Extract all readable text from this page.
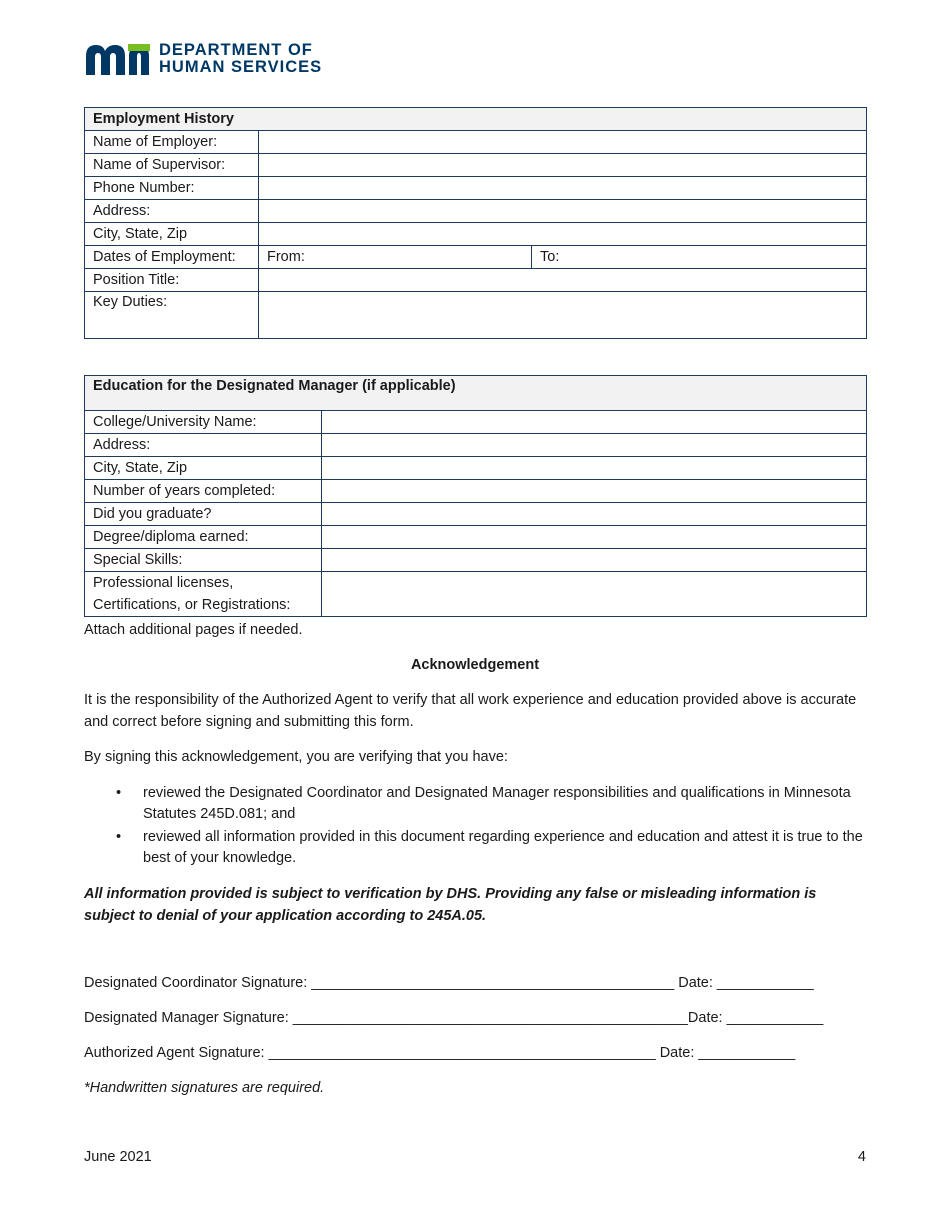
DEPARTMENT OF
HUMAN SERVICES
Employment History		
Name of Employer:		
Name of Supervisor:		
Phone Number:		
Address:		
City, State, Zip		
Dates of Employment:	From:	To:
Position Title:		
Key Duties:		
Education for the Designated Manager (if applicable)	
College/University Name:	
Address:	
City, State, Zip	
Number of years completed:	
Did you graduate?	
Degree/diploma earned:	
Special Skills:	

Professional licenses,
Certifications, or Registrations:	

Attach additional pages if needed.
Acknowledgement
It is the responsibility of the Authorized Agent to verify that all work experience and education provided above is accurate and correct before signing and submitting this form.
By signing this acknowledgement, you are verifying that you have:
• reviewed the Designated Coordinator and Designated Manager responsibilities and qualifications in Minnesota Statutes 245D.081; and
• reviewed all information provided in this document regarding experience and education and attest it is true to the best of your knowledge.
All information provided is subject to verification by DHS. Providing any false or misleading information is subject to denial of your application according to 245A.05.
Designated Coordinator Signature: _____________________________________________ Date: ____________
Designated Manager Signature: _________________________________________________Date: ____________
Authorized Agent Signature: ________________________________________________ Date: ____________
*Handwritten signatures are required.
June 2021	4
